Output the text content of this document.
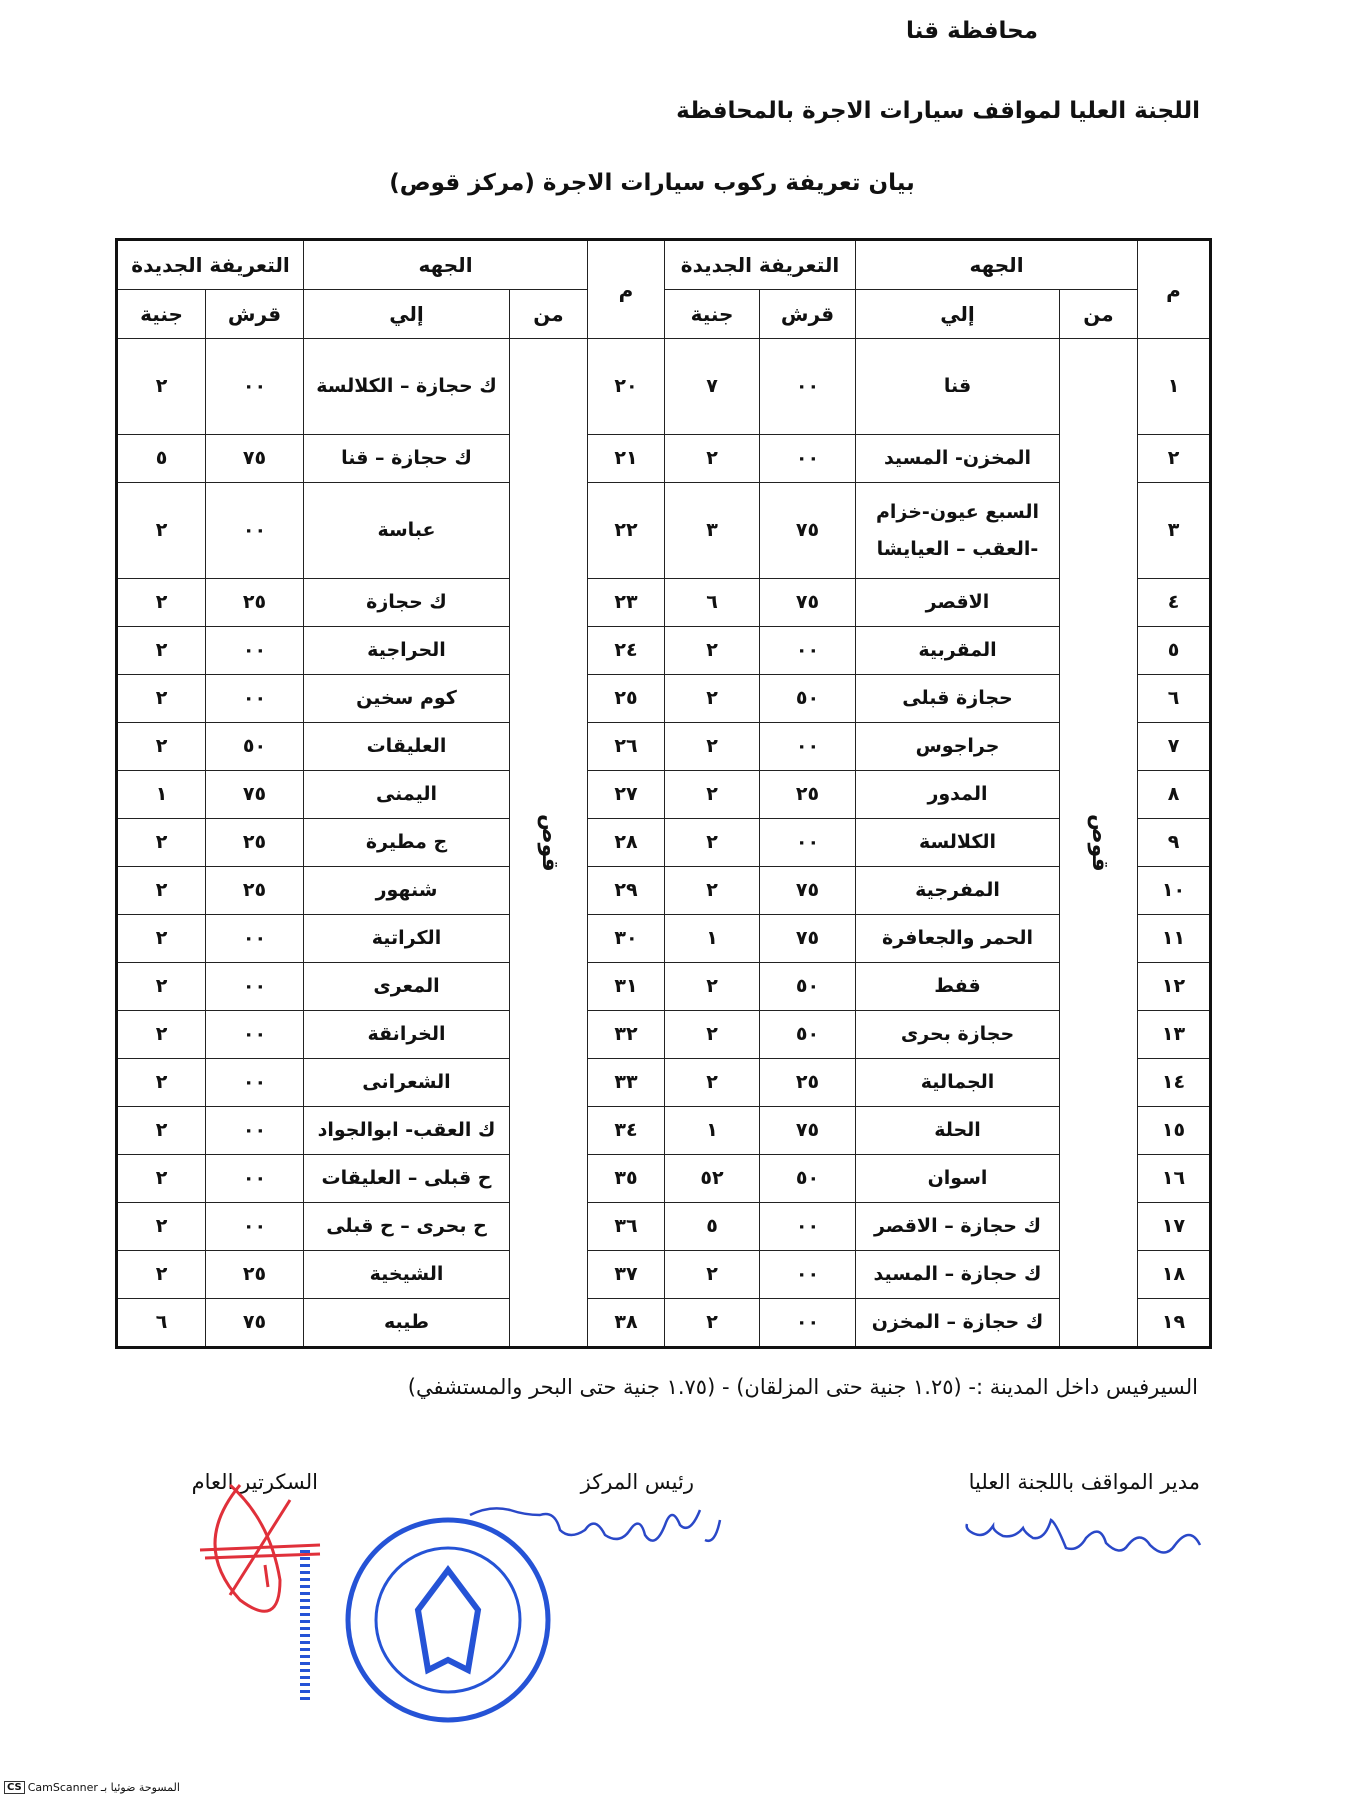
محافظة قنا
اللجنة العليا لمواقف سيارات الاجرة بالمحافظة
بيان تعريفة ركوب سيارات الاجرة (مركز قوص)
م	الجهه		التعريفة الجديدة		م	الجهه		التعريفة الجديدة	
	من	إلي	قرش	جنية		من	إلي	قرش	جنية
١	قوص	قنا	٠٠	٧	٢٠	قوص	ك حجازة – الكلالسة	٠٠	٢
٢		المخزن- المسيد	٠٠	٢	٢١		ك حجازة – قنا	٧٥	٥
٣		السبع عيون-خزام -العقب – العيايشا	٧٥	٣	٢٢		عباسة	٠٠	٢
٤		الاقصر	٧٥	٦	٢٣		ك حجازة	٢٥	٢
٥		المقربية	٠٠	٢	٢٤		الحراجية	٠٠	٢
٦		حجازة قبلى	٥٠	٢	٢٥		كوم سخين	٠٠	٢
٧		جراجوس	٠٠	٢	٢٦		العليقات	٥٠	٢
٨		المدور	٢٥	٢	٢٧		اليمنى	٧٥	١
٩		الكلالسة	٠٠	٢	٢٨		ج مطيرة	٢٥	٢
١٠		المفرجية	٧٥	٢	٢٩		شنهور	٢٥	٢
١١		الحمر والجعافرة	٧٥	١	٣٠		الكراتية	٠٠	٢
١٢		قفط	٥٠	٢	٣١		المعرى	٠٠	٢
١٣		حجازة بحرى	٥٠	٢	٣٢		الخرانقة	٠٠	٢
١٤		الجمالية	٢٥	٢	٣٣		الشعرانى	٠٠	٢
١٥		الحلة	٧٥	١	٣٤		ك العقب- ابوالجواد	٠٠	٢
١٦		اسوان	٥٠	٥٢	٣٥		ح قبلى – العليقات	٠٠	٢
١٧		ك حجازة – الاقصر	٠٠	٥	٣٦		ح بحرى – ح قبلى	٠٠	٢
١٨		ك حجازة – المسيد	٠٠	٢	٣٧		الشيخية	٢٥	٢
١٩		ك حجازة – المخزن	٠٠	٢	٣٨		طيبه	٧٥	٦
السيرفيس داخل المدينة :- (١.٢٥ جنية حتى المزلقان) - (١.٧٥ جنية حتى البحر والمستشفي)
مدير المواقف باللجنة العليا
رئيس المركز
السكرتير العام
CS CamScanner المسوحة ضوئيا بـ
